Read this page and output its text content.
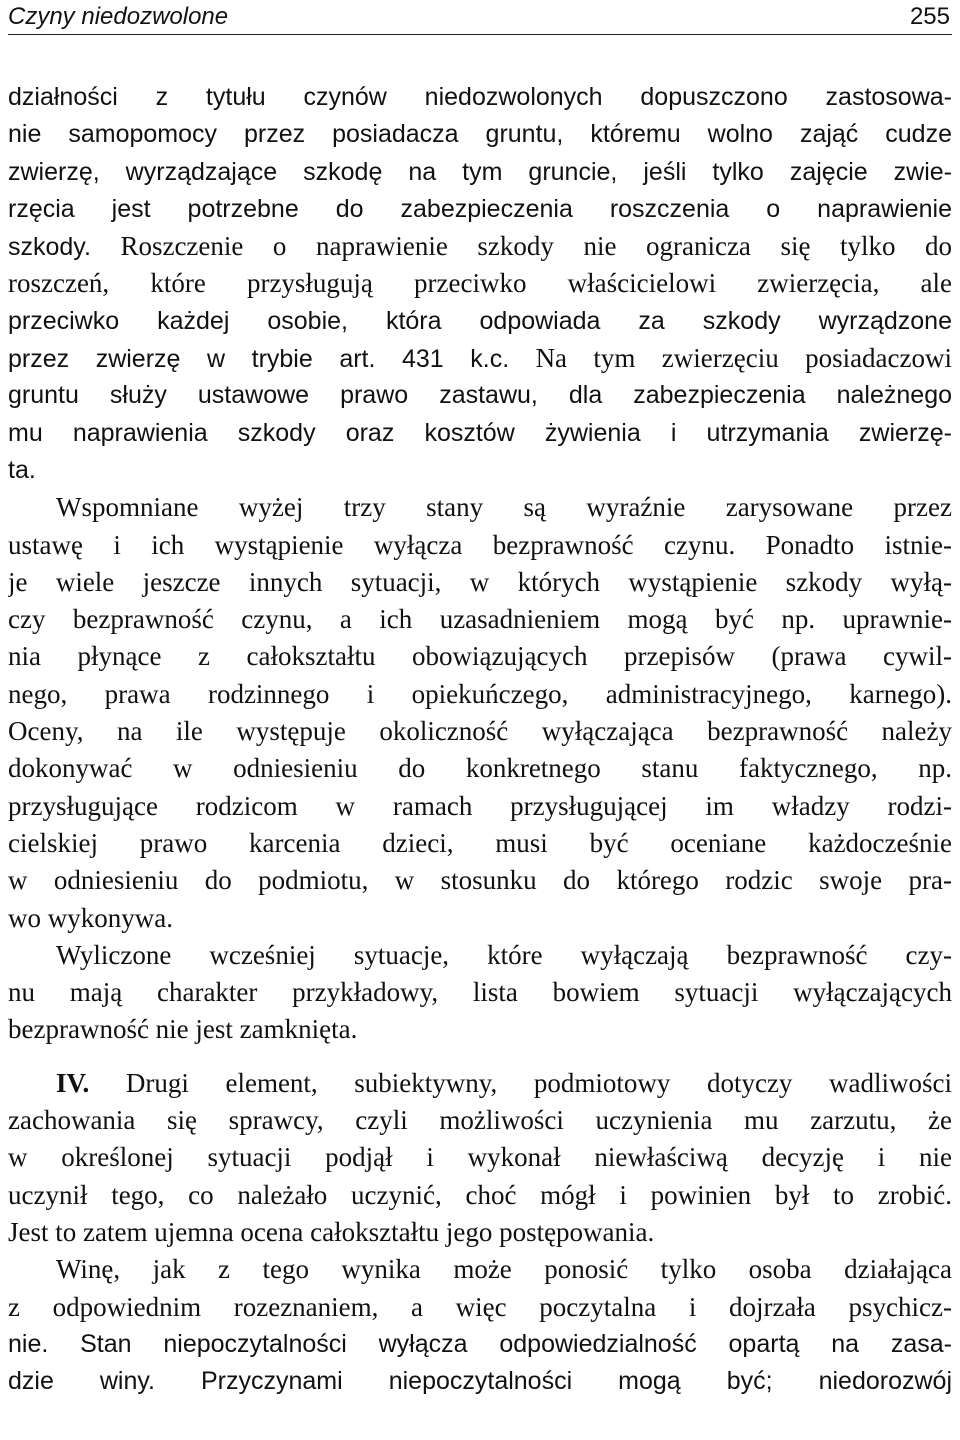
Czyny niedozwolone	255
działności z tytułu czynów niedozwolonych dopuszczono zastosowa-
nie samopomocy przez posiadacza gruntu, któremu wolno zająć cudze
zwierzę, wyrządzające szkodę na tym gruncie, jeśli tylko zajęcie zwie-
rzęcia jest potrzebne do zabezpieczenia roszczenia o naprawienie
szkody. Roszczenie o naprawienie szkody nie ogranicza się tylko do
roszczeń, które przysługują przeciwko właścicielowi zwierzęcia, ale
przeciwko każdej osobie, która odpowiada za szkody wyrządzone
przez zwierzę w trybie art. 431 k.c. Na tym zwierzęciu posiadaczowi
gruntu służy ustawowe prawo zastawu, dla zabezpieczenia należnego
mu naprawienia szkody oraz kosztów żywienia i utrzymania zwierzę-
ta.
Wspomniane wyżej trzy stany są wyraźnie zarysowane przez
ustawę i ich wystąpienie wyłącza bezprawność czynu. Ponadto istnie-
je wiele jeszcze innych sytuacji, w których wystąpienie szkody wyłą-
czy bezprawność czynu, a ich uzasadnieniem mogą być np. uprawnie-
nia płynące z całokształtu obowiązujących przepisów (prawa cywil-
nego, prawa rodzinnego i opiekuńczego, administracyjnego, karnego).
Oceny, na ile występuje okoliczność wyłączająca bezprawność należy
dokonywać w odniesieniu do konkretnego stanu faktycznego, np.
przysługujące rodzicom w ramach przysługującej im władzy rodzi-
cielskiej prawo karcenia dzieci, musi być oceniane każdocześnie
w odniesieniu do podmiotu, w stosunku do którego rodzic swoje pra-
wo wykonywa.
Wyliczone wcześniej sytuacje, które wyłączają bezprawność czy-
nu mają charakter przykładowy, lista bowiem sytuacji wyłączających
bezprawność nie jest zamknięta.
IV. Drugi element, subiektywny, podmiotowy dotyczy wadliwości
zachowania się sprawcy, czyli możliwości uczynienia mu zarzutu, że
w określonej sytuacji podjął i wykonał niewłaściwą decyzję i nie
uczynił tego, co należało uczynić, choć mógł i powinien był to zrobić.
Jest to zatem ujemna ocena całokształtu jego postępowania.
Winę, jak z tego wynika może ponosić tylko osoba działająca
z odpowiednim rozeznaniem, a więc poczytalna i dojrzała psychicz-
nie. Stan niepoczytalności wyłącza odpowiedzialność opartą na zasa-
dzie winy. Przyczynami niepoczytalności mogą być; niedorozwój
